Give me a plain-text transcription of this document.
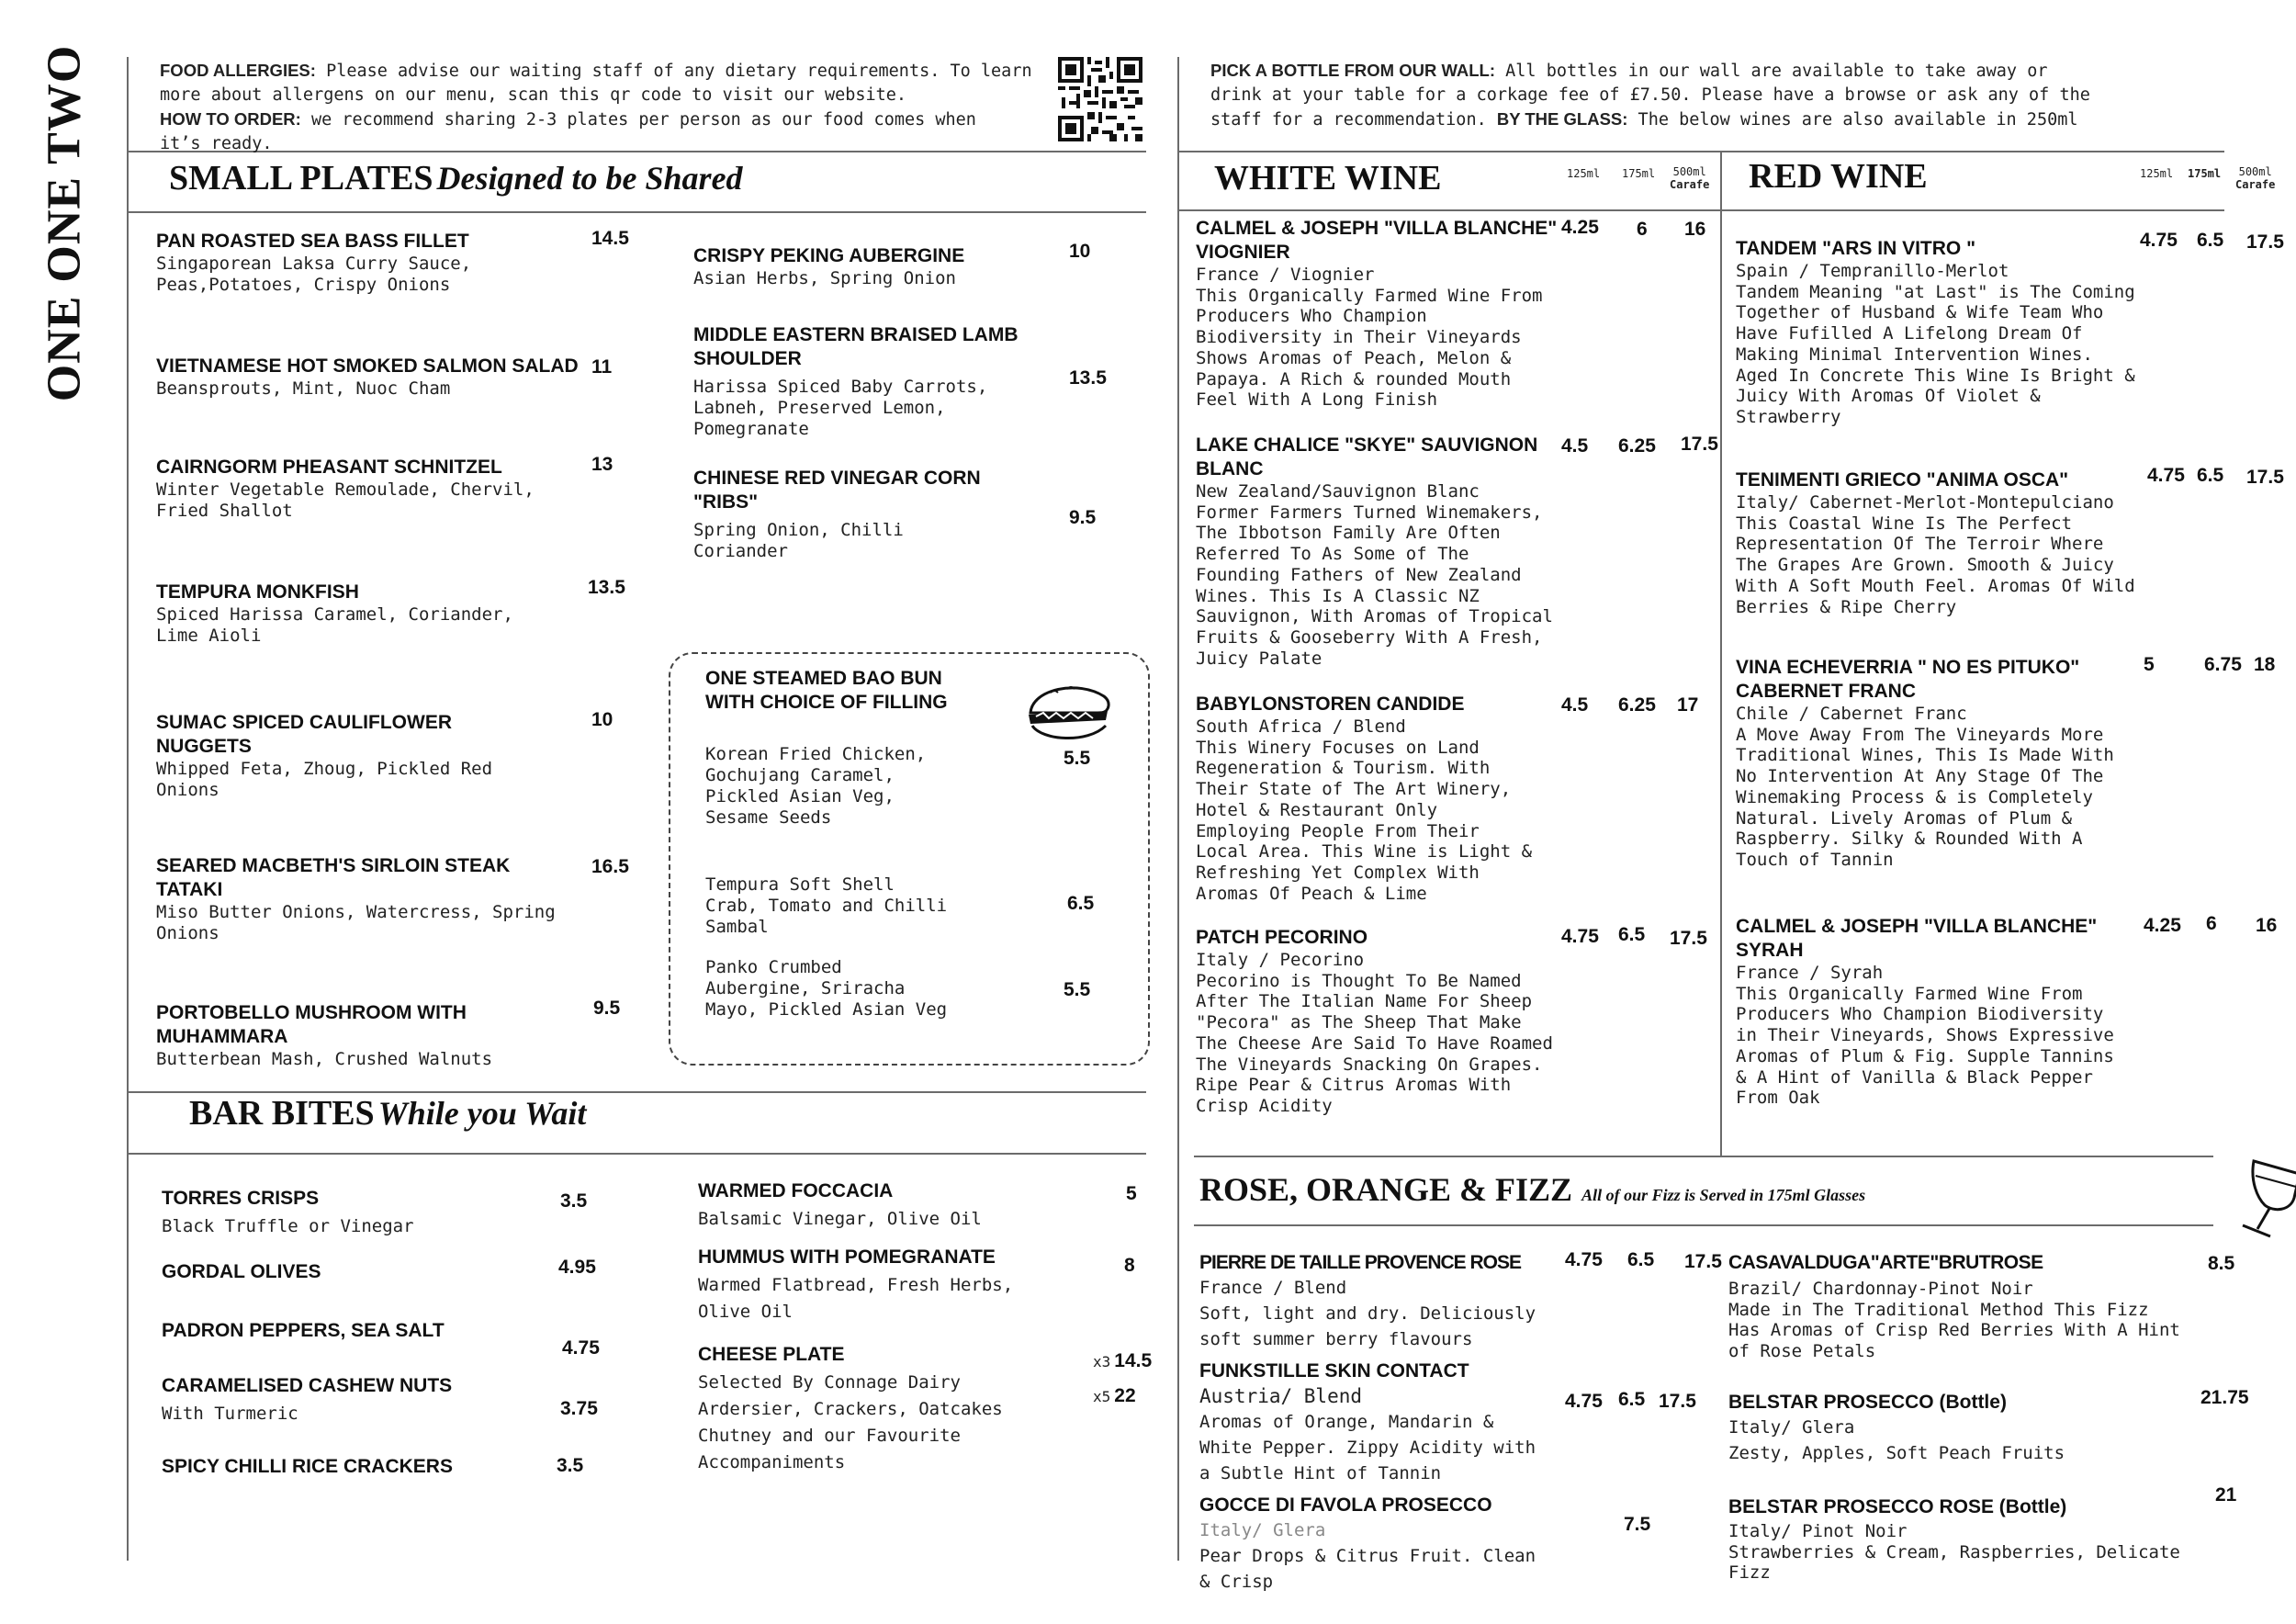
ONE ONE TWO	FOOD ALLERGIES: Please advise our waiting staff of any dietary requirements. To learn
more about allergens on our menu, scan this qr code to visit our website.
HOW TO ORDER: we recommend sharing 2-3 plates per person as our food comes when
it’s ready.
PICK A BOTTLE FROM OUR WALL: All bottles in our wall are available to take away or
drink at your table for a corkage fee of £7.50. Please have a browse or ask any of the
staff for a recommendation. BY THE GLASS: The below wines are also available in 250ml
SMALL PLATES Designed to be Shared
PAN ROASTED SEA BASS FILLET
Singaporean Laksa Curry Sauce,
Peas,Potatoes, Crispy Onions
14.5
VIETNAMESE HOT SMOKED SALMON SALAD
Beansprouts, Mint, Nuoc Cham
11
CAIRNGORM PHEASANT SCHNITZEL
Winter Vegetable Remoulade, Chervil,
Fried Shallot
13
TEMPURA MONKFISH
Spiced Harissa Caramel, Coriander,
Lime Aioli
13.5
SUMAC SPICED CAULIFLOWER
NUGGETS
Whipped Feta, Zhoug, Pickled Red
Onions
10
SEARED MACBETH'S SIRLOIN STEAK
TATAKI
Miso Butter Onions, Watercress, Spring
Onions
16.5
PORTOBELLO MUSHROOM WITH
MUHAMMARA
Butterbean Mash, Crushed Walnuts
9.5
CRISPY PEKING AUBERGINE
Asian Herbs, Spring Onion
10
MIDDLE EASTERN BRAISED LAMB
SHOULDER
Harissa Spiced Baby Carrots,
Labneh, Preserved Lemon,
Pomegranate
13.5
CHINESE RED VINEGAR CORN
"RIBS"
Spring Onion, Chilli
Coriander
9.5
ONE STEAMED BAO BUN
WITH CHOICE OF FILLING
Korean Fried Chicken,
Gochujang Caramel,
Pickled Asian Veg,
Sesame Seeds
5.5
Tempura Soft Shell
Crab, Tomato and Chilli
Sambal
6.5
Panko Crumbed
Aubergine, Sriracha
Mayo, Pickled Asian Veg
5.5
BAR BITES While you Wait
TORRES CRISPS
Black Truffle or Vinegar
3.5
GORDAL OLIVES	4.95
PADRON PEPPERS, SEA SALT
4.75
CARAMELISED CASHEW NUTS
With Turmeric	3.75
SPICY CHILLI RICE CRACKERS	3.5
WARMED FOCCACIA
Balsamic Vinegar, Olive Oil
5
HUMMUS WITH POMEGRANATE
Warmed Flatbread, Fresh Herbs,
Olive Oil
8
CHEESE PLATE
Selected By Connage Dairy
Ardersier, Crackers, Oatcakes
Chutney and our Favourite
Accompaniments
x3 14.5
x5 22
WHITE WINE	125ml 175ml	500ml
Carafe
CALMEL & JOSEPH "VILLA BLANCHE"
VIOGNIER
France / Viognier
This Organically Farmed Wine From
Producers Who Champion
Biodiversity in Their Vineyards
Shows Aromas of Peach, Melon &
Papaya. A Rich & rounded Mouth
Feel With A Long Finish
4.25 6 16
LAKE CHALICE "SKYE" SAUVIGNON
BLANC
New Zealand/Sauvignon Blanc
Former Farmers Turned Winemakers,
The Ibbotson Family Are Often
Referred To As Some of The
Founding Fathers of New Zealand
Wines. This Is A Classic NZ
Sauvignon, With Aromas of Tropical
Fruits & Gooseberry With A Fresh,
Juicy Palate
4.5 6.25 17.5
BABYLONSTOREN CANDIDE
South Africa / Blend
This Winery Focuses on Land
Regeneration & Tourism. With
Their State of The Art Winery,
Hotel & Restaurant Only
Employing People From Their
Local Area. This Wine is Light &
Refreshing Yet Complex With
Aromas Of Peach & Lime
4.5 6.25 17
PATCH PECORINO
Italy / Pecorino
Pecorino is Thought To Be Named
After The Italian Name For Sheep
"Pecora" as The Sheep That Make
The Cheese Are Said To Have Roamed
The Vineyards Snacking On Grapes.
Ripe Pear & Citrus Aromas With
Crisp Acidity
4.75 6.5 17.5
RED WINE	125ml 175ml	500ml
Carafe
TANDEM "ARS IN VITRO "
Spain / Tempranillo-Merlot
Tandem Meaning "at Last" is The Coming
Together of Husband & Wife Team Who
Have Fufilled A Lifelong Dream Of
Making Minimal Intervention Wines.
Aged In Concrete This Wine Is Bright &
Juicy With Aromas Of Violet &
Strawberry
4.75 6.5 17.5
TENIMENTI GRIECO "ANIMA OSCA"
Italy/ Cabernet-Merlot-Montepulciano
This Coastal Wine Is The Perfect
Representation Of The Terroir Where
The Grapes Are Grown. Smooth & Juicy
With A Soft Mouth Feel. Aromas Of Wild
Berries & Ripe Cherry
4.75 6.5 17.5
VINA ECHEVERRIA " NO ES PITUKO"
CABERNET FRANC
Chile / Cabernet Franc
A Move Away From The Vineyards More
Traditional Wines, This Is Made With
No Intervention At Any Stage Of The
Winemaking Process & is Completely
Natural. Lively Aromas of Plum &
Raspberry. Silky & Rounded With A
Touch of Tannin
5	6.75 18
CALMEL & JOSEPH "VILLA BLANCHE"
SYRAH
France / Syrah
This Organically Farmed Wine From
Producers Who Champion Biodiversity
in Their Vineyards, Shows Expressive
Aromas of Plum & Fig. Supple Tannins
& A Hint of Vanilla & Black Pepper
From Oak
4.25 6 16
ROSE, ORANGE & FIZZ All of our Fizz is Served in 175ml Glasses
PIERRE DE TAILLE PROVENCE ROSE
France / Blend
Soft, light and dry. Deliciously
soft summer berry flavours
4.75 6.5 17.5
FUNKSTILLE SKIN CONTACT
Austria/ Blend
Aromas of Orange, Mandarin &
White Pepper. Zippy Acidity with
a Subtle Hint of Tannin
4.75 6.5 17.5
GOCCE DI FAVOLA PROSECCO
Italy/ Glera
Pear Drops & Citrus Fruit. Clean
& Crisp
7.5
CASAVALDUGA"ARTE"BRUTROSE
Brazil/ Chardonnay-Pinot Noir
Made in The Traditional Method This Fizz
Has Aromas of Crisp Red Berries With A Hint
of Rose Petals
8.5
BELSTAR PROSECCO (Bottle)
Italy/ Glera
Zesty, Apples, Soft Peach Fruits
21.75
BELSTAR PROSECCO ROSE (Bottle)
Italy/ Pinot Noir
Strawberries & Cream, Raspberries, Delicate
Fizz
21
